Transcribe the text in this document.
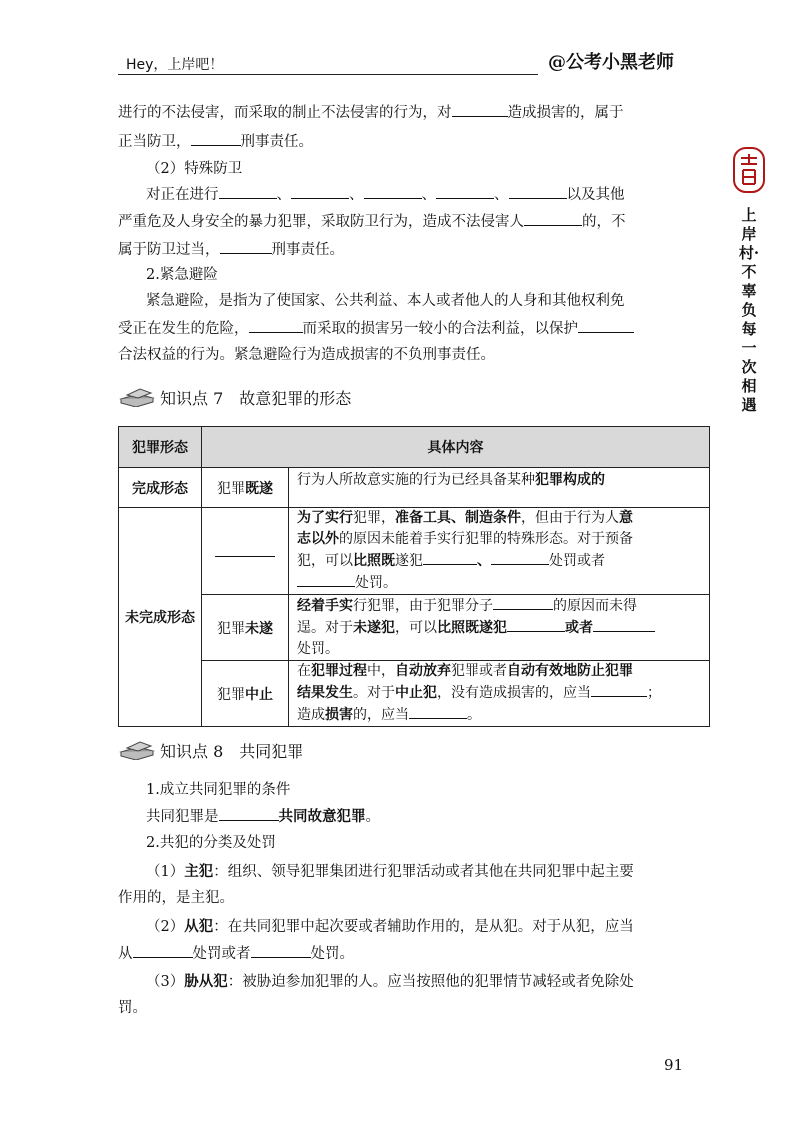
Hey，上岸吧！	@公考小黑老师
上岸村·不辜负每一次相遇
进行的不法侵害，而采取的制止不法侵害的行为，对	造成损害的，属于
正当防卫，	刑事责任。
（2）特殊防卫
对正在进行	、	、	、	、	以及其他
严重危及人身安全的暴力犯罪，采取防卫行为，造成不法侵害人	的，不
属于防卫过当，	刑事责任。
2.紧急避险
紧急避险，是指为了使国家、公共利益、本人或者他人的人身和其他权利免
受正在发生的危险，	而采取的损害另一较小的合法利益，以保护
合法权益的行为。紧急避险行为造成损害的不负刑事责任。
知识点 7 故意犯罪的形态
犯罪形态	具体内容	
完成形态	犯罪既遂	行为人所故意实施的行为已经具备某种犯罪构成的
未完成形态		为了实行犯罪，准备工具、制造条件，但由于行为人意
志以外的原因未能着手实行犯罪的特殊形态。对于预备
犯，可以比照既遂犯 、 处罚或者
处罚。
	犯罪未遂	经着手实行犯罪，由于犯罪分子 的原因而未得
逞。对于未遂犯，可以比照既遂犯 或者
处罚。
	犯罪中止	在犯罪过程中，自动放弃犯罪或者自动有效地防止犯罪
结果发生。对于中止犯，没有造成损害的，应当 ；
造成损害的，应当 。
知识点 8 共同犯罪
1.成立共同犯罪的条件
共同犯罪是	共同故意犯罪。
2.共犯的分类及处罚
（1）主犯：组织、领导犯罪集团进行犯罪活动或者其他在共同犯罪中起主要
作用的，是主犯。
（2）从犯：在共同犯罪中起次要或者辅助作用的，是从犯。对于从犯，应当
从	处罚或者	处罚。
（3）胁从犯：被胁迫参加犯罪的人。应当按照他的犯罪情节减轻或者免除处
罚。
91
